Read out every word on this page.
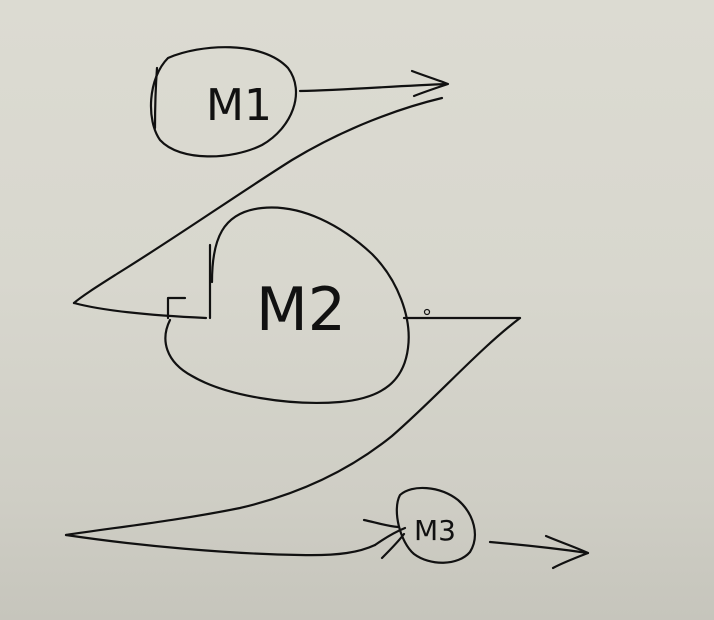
M1
M2
M3
